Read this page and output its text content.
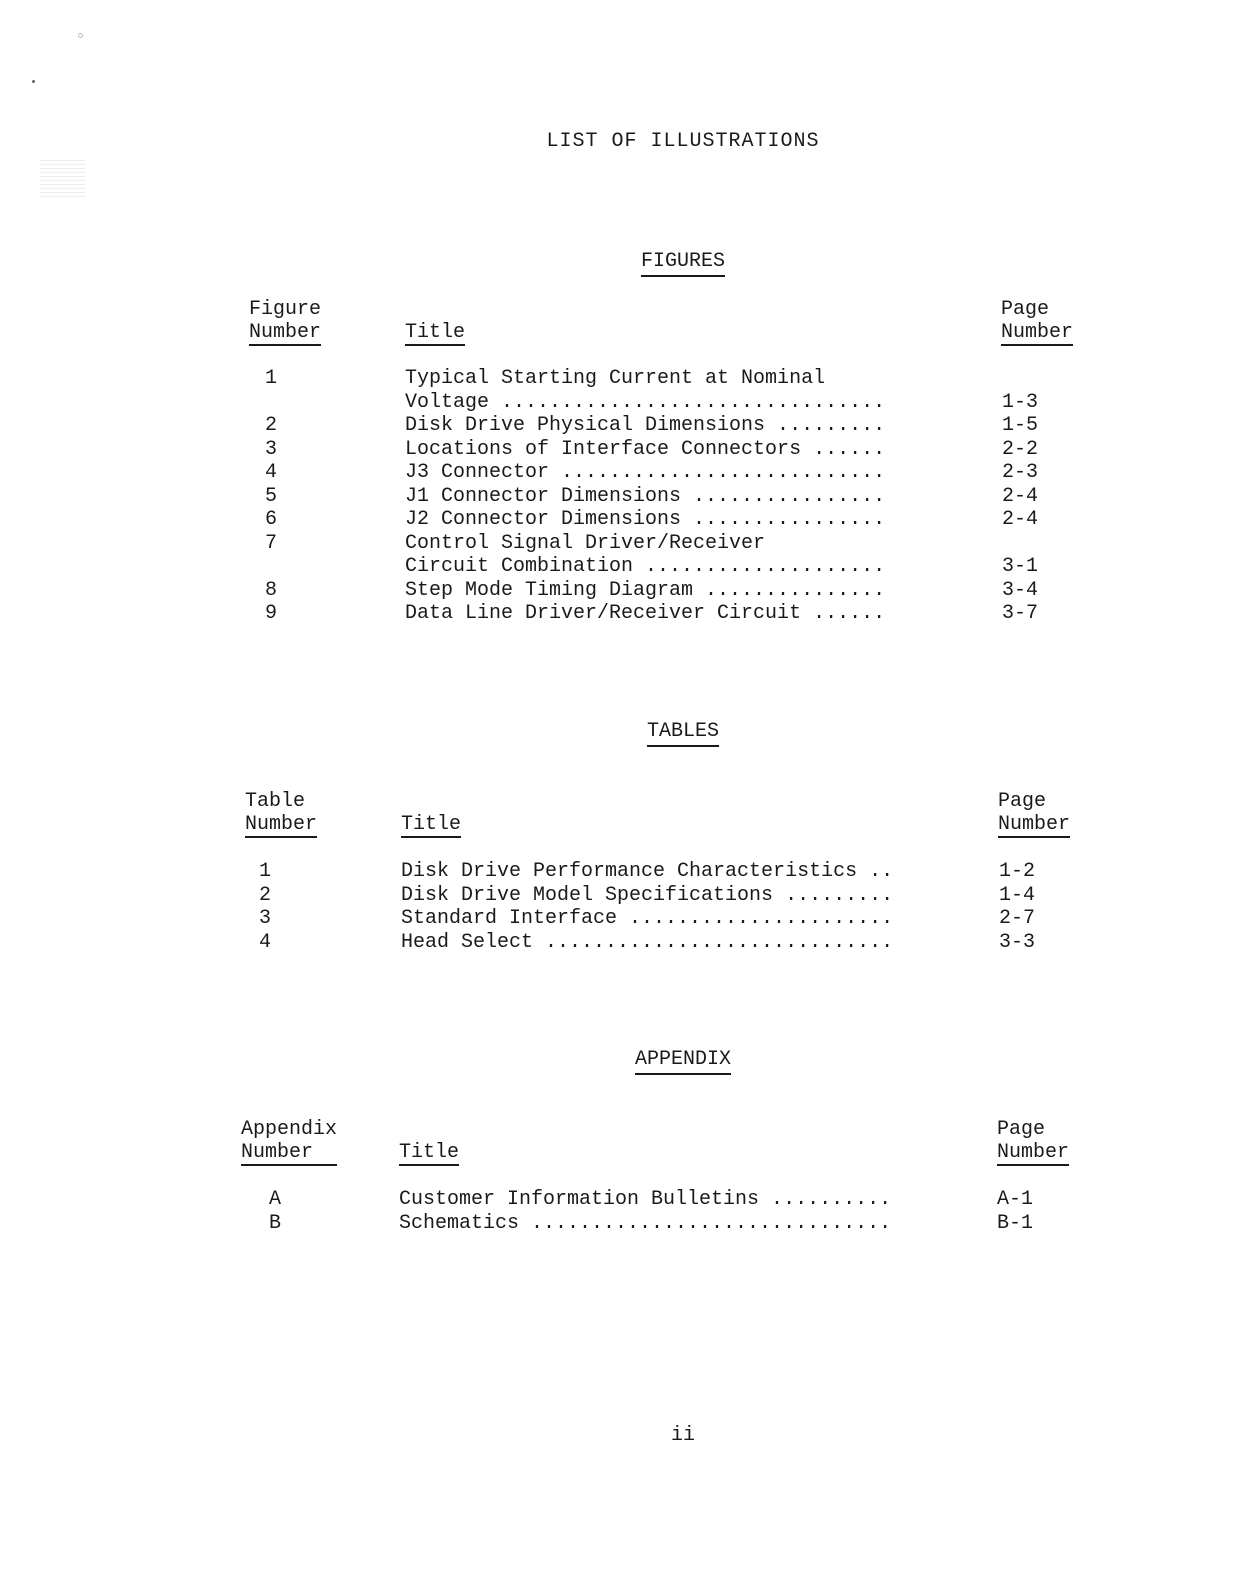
LIST OF ILLUSTRATIONS
FIGURES
Figure
Number	Title
Page
Number
1	Typical Starting Current at Nominal
Voltage ................................	1-3
2	Disk Drive Physical Dimensions .........	1-5
3	Locations of Interface Connectors ......	2-2
4	J3 Connector ...........................	2-3
5	J1 Connector Dimensions ................	2-4
6	J2 Connector Dimensions ................	2-4
7	Control Signal Driver/Receiver
Circuit Combination ....................	3-1
8	Step Mode Timing Diagram ...............	3-4
9	Data Line Driver/Receiver Circuit ......	3-7
TABLES
Table
Number	Title
Page
Number
1	Disk Drive Performance Characteristics ..	1-2
2	Disk Drive Model Specifications .........	1-4
3	Standard Interface ......................	2-7
4	Head Select .............................	3-3
APPENDIX
Appendix
Number	Title
Page
Number
A	Customer Information Bulletins ..........	A-1
B	Schematics ..............................	B-1
ii
